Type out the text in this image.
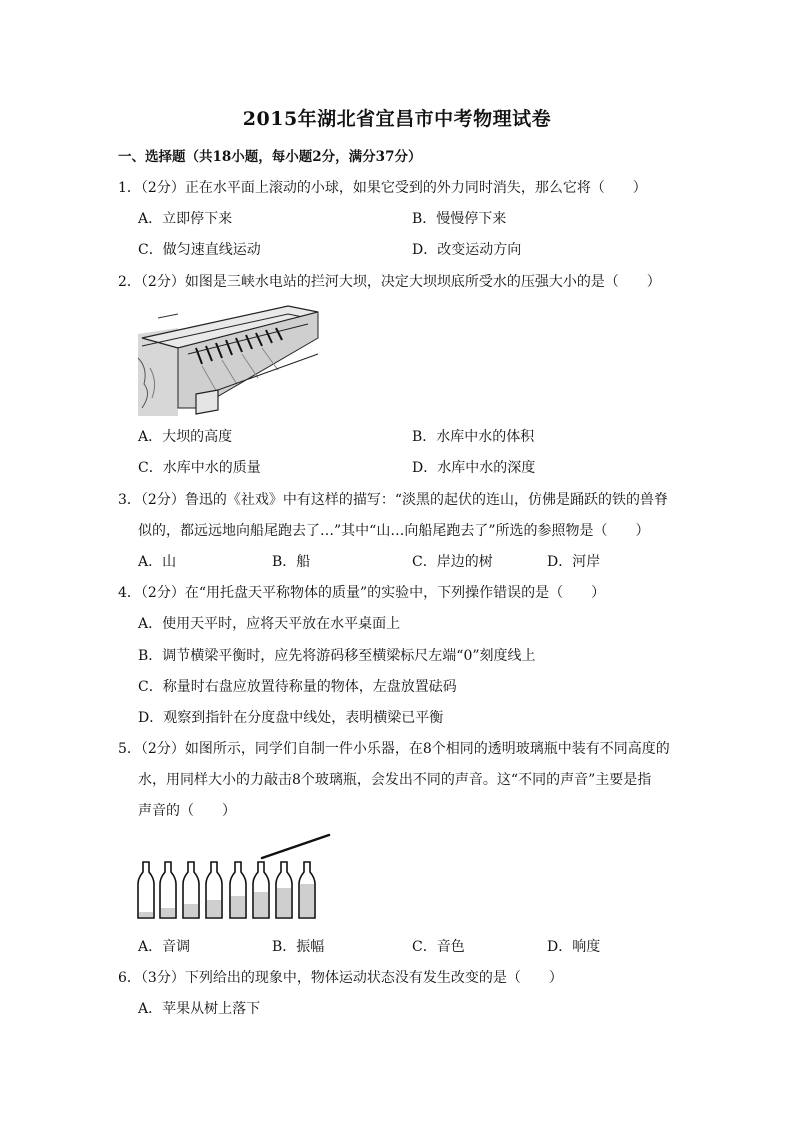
2015年湖北省宜昌市中考物理试卷
一、选择题（共18小题，每小题2分，满分37分）
1．（2分）正在水平面上滚动的小球，如果它受到的外力同时消失，那么它将（　　）
A．立即停下来	B．慢慢停下来
C．做匀速直线运动	D．改变运动方向
2．（2分）如图是三峡水电站的拦河大坝，决定大坝坝底所受水的压强大小的是（　　）
A．大坝的高度	B．水库中水的体积
C．水库中水的质量	D．水库中水的深度
3．（2分）鲁迅的《社戏》中有这样的描写：“淡黑的起伏的连山，仿佛是踊跃的铁的兽脊
似的，都远远地向船尾跑去了…”其中“山…向船尾跑去了”所选的参照物是（　　）
A．山	B．船	C．岸边的树	D．河岸
4．（2分）在“用托盘天平称物体的质量”的实验中，下列操作错误的是（　　）
A．使用天平时，应将天平放在水平桌面上
B．调节横梁平衡时，应先将游码移至横梁标尺左端“0”刻度线上
C．称量时右盘应放置待称量的物体，左盘放置砝码
D．观察到指针在分度盘中线处，表明横梁已平衡
5．（2分）如图所示，同学们自制一件小乐器，在8个相同的透明玻璃瓶中装有不同高度的
水，用同样大小的力敲击8个玻璃瓶，会发出不同的声音。这“不同的声音”主要是指
声音的（　　）
A．音调	B．振幅	C．音色	D．响度
6．（3分）下列给出的现象中，物体运动状态没有发生改变的是（　　）
A．苹果从树上落下
